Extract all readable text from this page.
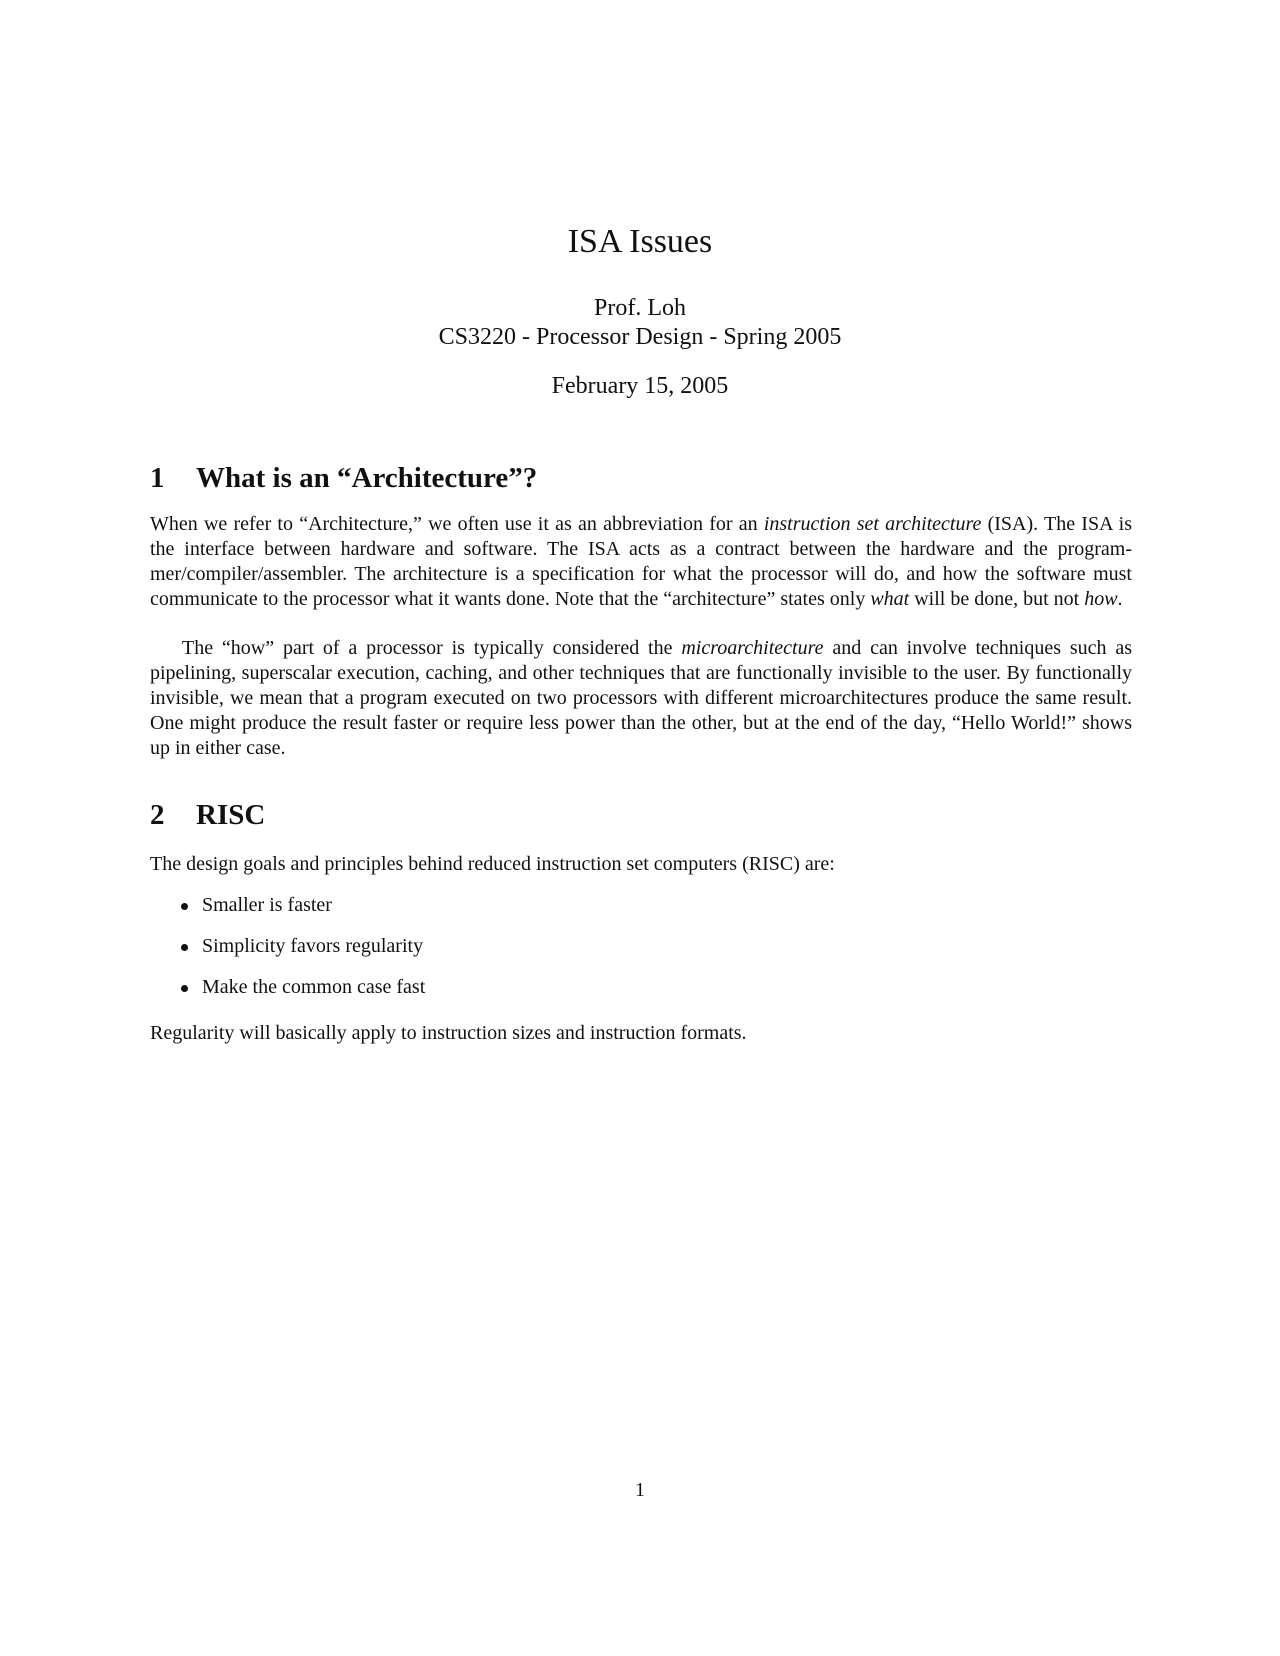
ISA Issues
Prof. Loh
CS3220 - Processor Design - Spring 2005
February 15, 2005
1 What is an “Architecture”?
When we refer to “Architecture,” we often use it as an abbreviation for an instruction set architecture (ISA). The ISA is the interface between hardware and software. The ISA acts as a contract between the hardware and the program-mer/compiler/assembler. The architecture is a specification for what the processor will do, and how the software must communicate to the processor what it wants done. Note that the “architecture” states only what will be done, but not how.
The “how” part of a processor is typically considered the microarchitecture and can involve techniques such as pipelining, superscalar execution, caching, and other techniques that are functionally invisible to the user. By functionally invisible, we mean that a program executed on two processors with different microarchitectures produce the same result. One might produce the result faster or require less power than the other, but at the end of the day, “Hello World!” shows up in either case.
2 RISC
The design goals and principles behind reduced instruction set computers (RISC) are:
Smaller is faster
Simplicity favors regularity
Make the common case fast
Regularity will basically apply to instruction sizes and instruction formats.
1
